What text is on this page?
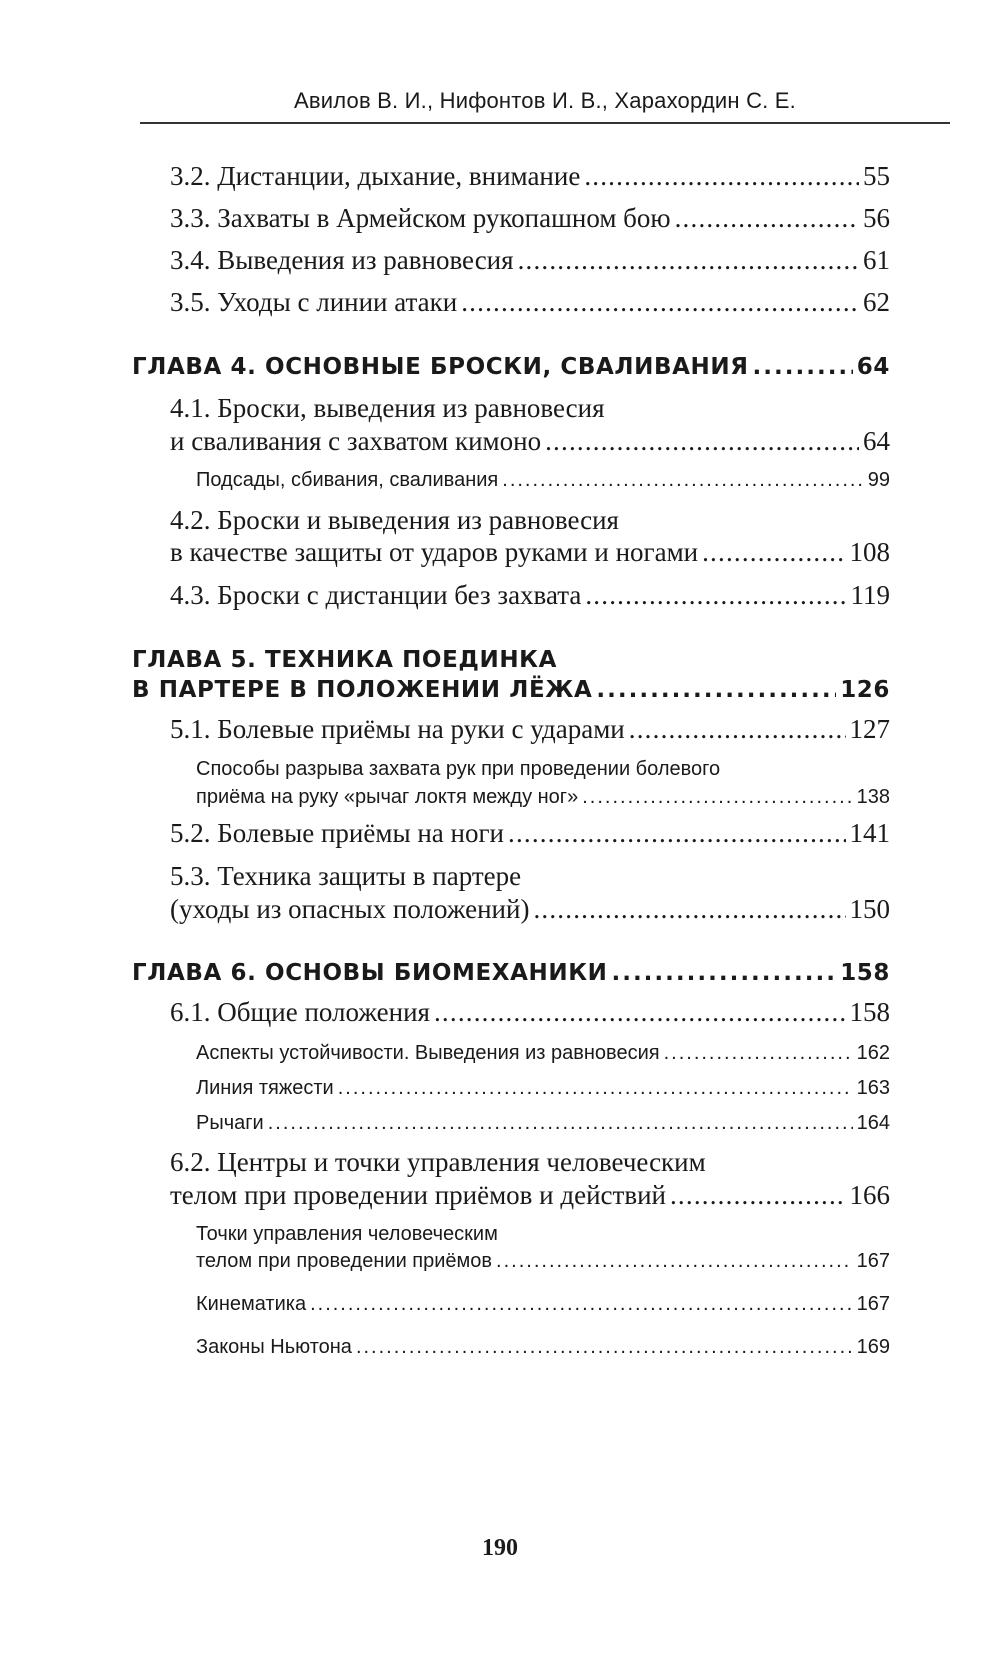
Авилов В. И., Нифонтов И. В., Харахордин С. Е.
3.2. Дистанции, дыхание, внимание .....	55
3.3. Захваты в Армейском рукопашном бою .....	56
3.4. Выведения из равновесия .....	61
3.5. Уходы с линии атаки .....	62
ГЛАВА 4. ОСНОВНЫЕ БРОСКИ, СВАЛИВАНИЯ .....	64
4.1. Броски, выведения из равновесия
и сваливания с захватом кимоно .....	64
Подсады, сбивания, сваливания .....	99
4.2. Броски и выведения из равновесия
в качестве защиты от ударов руками и ногами .....	108
4.3. Броски с дистанции без захвата .....	119
ГЛАВА 5. ТЕХНИКА ПОЕДИНКА
В ПАРТЕРЕ В ПОЛОЖЕНИИ ЛЁЖА .....	126
5.1. Болевые приёмы на руки с ударами .....	127
Способы разрыва захвата рук при проведении болевого
приёма на руку «рычаг локтя между ног» .....	138
5.2. Болевые приёмы на ноги .....	141
5.3. Техника защиты в партере
(уходы из опасных положений) .....	150
ГЛАВА 6. ОСНОВЫ БИОМЕХАНИКИ .....	158
6.1. Общие положения .....	158
Аспекты устойчивости. Выведения из равновесия .....	162
Линия тяжести .....	163
Рычаги .....	164
6.2. Центры и точки управления человеческим
телом при проведении приёмов и действий .....	166
Точки управления человеческим
телом при проведении приёмов .....	167
Кинематика .....	167
Законы Ньютона .....	169
190
